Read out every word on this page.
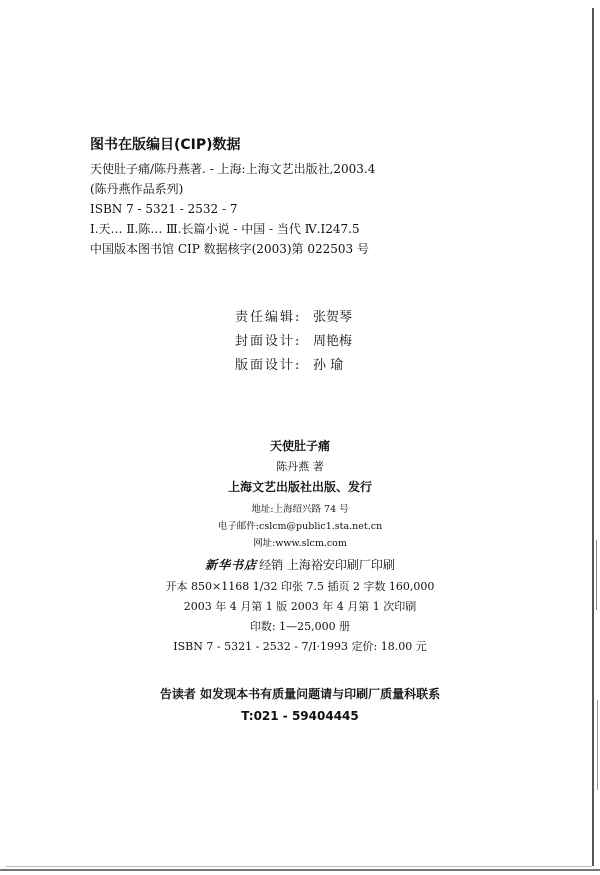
图书在版编目(CIP)数据
天使肚子痛/陈丹燕著. - 上海:上海文艺出版社,2003.4
(陈丹燕作品系列)
ISBN 7 - 5321 - 2532 - 7
Ⅰ.天… Ⅱ.陈… Ⅲ.长篇小说 - 中国 - 当代 Ⅳ.I247.5
中国版本图书馆 CIP 数据核字(2003)第 022503 号
责任编辑: 张贺琴
封面设计: 周艳梅
版面设计: 孙 瑜
天使肚子痛
陈丹燕 著
上海文艺出版社出版、发行
地址:上海绍兴路 74 号
电子邮件:cslcm@public1.sta.net.cn
网址:www.slcm.com
新华书店 经销 上海裕安印刷厂印刷
开本 850×1168 1/32 印张 7.5 插页 2 字数 160,000
2003 年 4 月第 1 版 2003 年 4 月第 1 次印刷
印数: 1—25,000 册
ISBN 7 - 5321 - 2532 - 7/I·1993 定价: 18.00 元
告读者 如发现本书有质量问题请与印刷厂质量科联系
T:021 - 59404445
